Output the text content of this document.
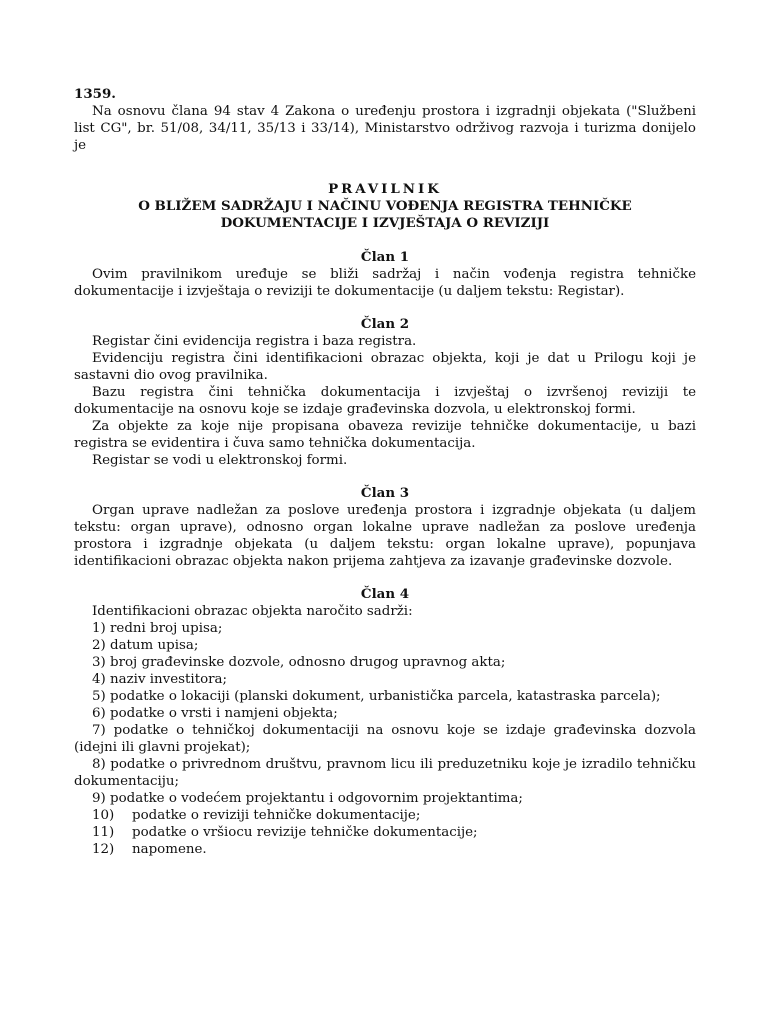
1359.

Na osnovu člana 94 stav 4 Zakona o uređenju prostora i izgradnji objekata ("Službeni list CG", br. 51/08, 34/11, 35/13 i 33/14), Ministarstvo održivog razvoja i turizma donijelo je

PRAVILNIK

O BLIŽEM SADRŽAJU I NAČINU VOĐENJA REGISTRA TEHNIČKE DOKUMENTACIJE I IZVJEŠTAJA O REVIZIJI

Član 1

Ovim pravilnikom uređuje se bliži sadržaj i način vođenja registra tehničke dokumentacije i izvještaja o reviziji te dokumentacije (u daljem tekstu: Registar).

Član 2

Registar čini evidencija registra i baza registra.

Evidenciju registra čini identifikacioni obrazac objekta, koji je dat u Prilogu koji je sastavni dio ovog pravilnika.

Bazu registra čini tehnička dokumentacija i izvještaj o izvršenoj reviziji te dokumentacije na osnovu koje se izdaje građevinska dozvola, u elektronskoj formi.

Za objekte za koje nije propisana obaveza revizije tehničke dokumentacije, u bazi registra se evidentira i čuva samo tehnička dokumentacija.

Registar se vodi u elektronskoj formi.

Član 3

Organ uprave nadležan za poslove uređenja prostora i izgradnje objekata (u daljem tekstu: organ uprave), odnosno organ lokalne uprave nadležan za poslove uređenja prostora i izgradnje objekata (u daljem tekstu: organ lokalne uprave), popunjava identifikacioni obrazac objekta nakon prijema zahtjeva za izavanje građevinske dozvole.

Član 4

Identifikacioni obrazac objekta naročito sadrži:

1) redni broj upisa;
2) datum upisa;
3) broj građevinske dozvole, odnosno drugog upravnog akta;
4) naziv investitora;
5) podatke o lokaciji (planski dokument, urbanistička parcela, katastraska parcela);
6) podatke o vrsti i namjeni objekta;
7) podatke o tehničkoj dokumentaciji na osnovu koje se izdaje građevinska dozvola (idejni ili glavni projekat);
8) podatke o privrednom društvu, pravnom licu ili preduzetniku koje je izradilo tehničku dokumentaciju;
9) podatke o vodećem projektantu i odgovornim projektantima;
10) podatke o reviziji tehničke dokumentacije;
11) podatke o vršiocu revizije tehničke dokumentacije;
12) napomene.
